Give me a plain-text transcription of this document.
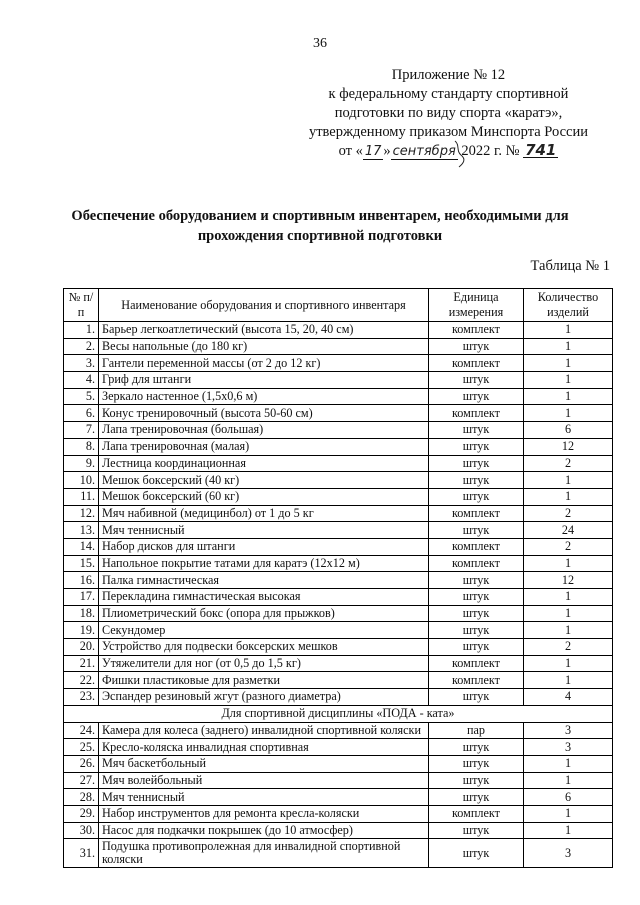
36
Приложение № 12
к федеральному стандарту спортивной
подготовки по виду спорта «каратэ»,
утвержденному приказом Минспорта России
от « 17 » сентября 2022 г. № 741
Обеспечение оборудованием и спортивным инвентарем, необходимыми для прохождения спортивной подготовки
Таблица № 1
№ п/п	Наименование оборудования и спортивного инвентаря	Единица измерения	Количество изделий
1.	Барьер легкоатлетический (высота 15, 20, 40 см)	комплект	1
2.	Весы напольные (до 180 кг)	штук	1
3.	Гантели переменной массы (от 2 до 12 кг)	комплект	1
4.	Гриф для штанги	штук	1
5.	Зеркало настенное (1,5х0,6 м)	штук	1
6.	Конус тренировочный (высота 50-60 см)	комплект	1
7.	Лапа тренировочная (большая)	штук	6
8.	Лапа тренировочная (малая)	штук	12
9.	Лестница координационная	штук	2
10.	Мешок боксерский (40 кг)	штук	1
11.	Мешок боксерский (60 кг)	штук	1
12.	Мяч набивной (медицинбол) от 1 до 5 кг	комплект	2
13.	Мяч теннисный	штук	24
14.	Набор дисков для штанги	комплект	2
15.	Напольное покрытие татами для каратэ (12х12 м)	комплект	1
16.	Палка гимнастическая	штук	12
17.	Перекладина гимнастическая высокая	штук	1
18.	Плиометрический бокс (опора для прыжков)	штук	1
19.	Секундомер	штук	1
20.	Устройство для подвески боксерских мешков	штук	2
21.	Утяжелители для ног (от 0,5 до 1,5 кг)	комплект	1
22.	Фишки пластиковые для разметки	комплект	1
23.	Эспандер резиновый жгут (разного диаметра)	штук	4
Для спортивной дисциплины «ПОДА - ката»			
24.	Камера для колеса (заднего) инвалидной спортивной коляски	пар	3
25.	Кресло-коляска инвалидная спортивная	штук	3
26.	Мяч баскетбольный	штук	1
27.	Мяч волейбольный	штук	1
28.	Мяч теннисный	штук	6
29.	Набор инструментов для ремонта кресла-коляски	комплект	1
30.	Насос для подкачки покрышек (до 10 атмосфер)	штук	1
31.	Подушка противопролежная для инвалидной спортивной коляски	штук	3
